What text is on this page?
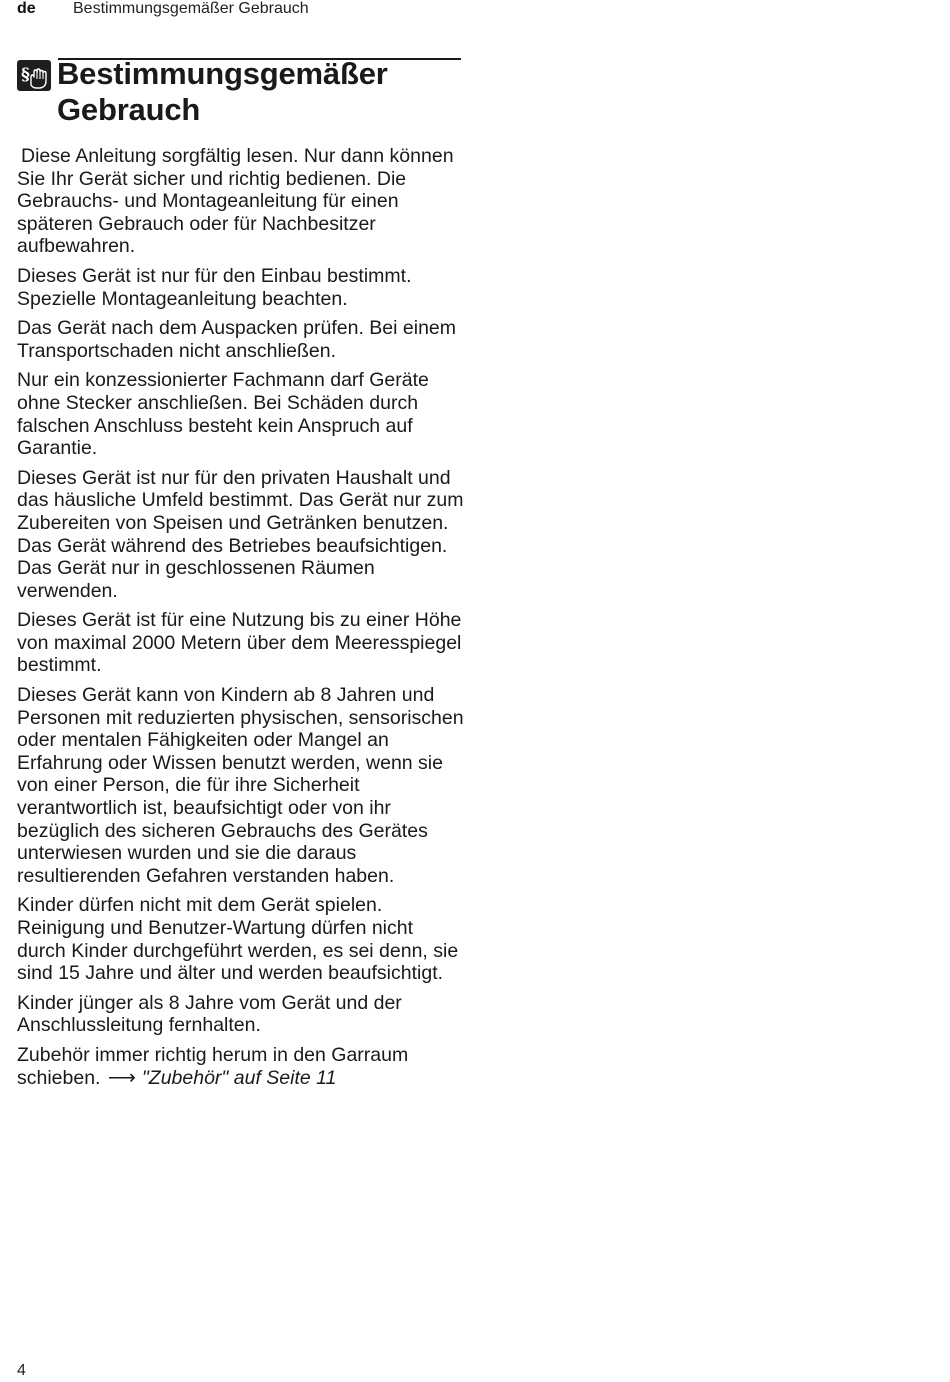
de Bestimmungsgemäßer Gebrauch
§ Bestimmungsgemäßer Gebrauch

Diese Anleitung sorgfältig lesen. Nur dann können Sie Ihr Gerät sicher und richtig bedienen. Die Gebrauchs- und Montageanleitung für einen späteren Gebrauch oder für Nachbesitzer aufbewahren.

Dieses Gerät ist nur für den Einbau bestimmt. Spezielle Montageanleitung beachten.

Das Gerät nach dem Auspacken prüfen. Bei einem Transportschaden nicht anschließen.

Nur ein konzessionierter Fachmann darf Geräte ohne Stecker anschließen. Bei Schäden durch falschen Anschluss besteht kein Anspruch auf Garantie.

Dieses Gerät ist nur für den privaten Haushalt und das häusliche Umfeld bestimmt. Das Gerät nur zum Zubereiten von Speisen und Getränken benutzen. Das Gerät während des Betriebes beaufsichtigen. Das Gerät nur in geschlossenen Räumen verwenden.

Dieses Gerät ist für eine Nutzung bis zu einer Höhe von maximal 2000 Metern über dem Meeresspiegel bestimmt.

Dieses Gerät kann von Kindern ab 8 Jahren und Personen mit reduzierten physischen, sensorischen oder mentalen Fähigkeiten oder Mangel an Erfahrung oder Wissen benutzt werden, wenn sie von einer Person, die für ihre Sicherheit verantwortlich ist, beaufsichtigt oder von ihr bezüglich des sicheren Gebrauchs des Gerätes unterwiesen wurden und sie die daraus resultierenden Gefahren verstanden haben.

Kinder dürfen nicht mit dem Gerät spielen. Reinigung und Benutzer-Wartung dürfen nicht durch Kinder durchgeführt werden, es sei denn, sie sind 15 Jahre und älter und werden beaufsichtigt.

Kinder jünger als 8 Jahre vom Gerät und der Anschlussleitung fernhalten.

Zubehör immer richtig herum in den Garraum schieben. ⟶ "Zubehör" auf Seite 11

4
